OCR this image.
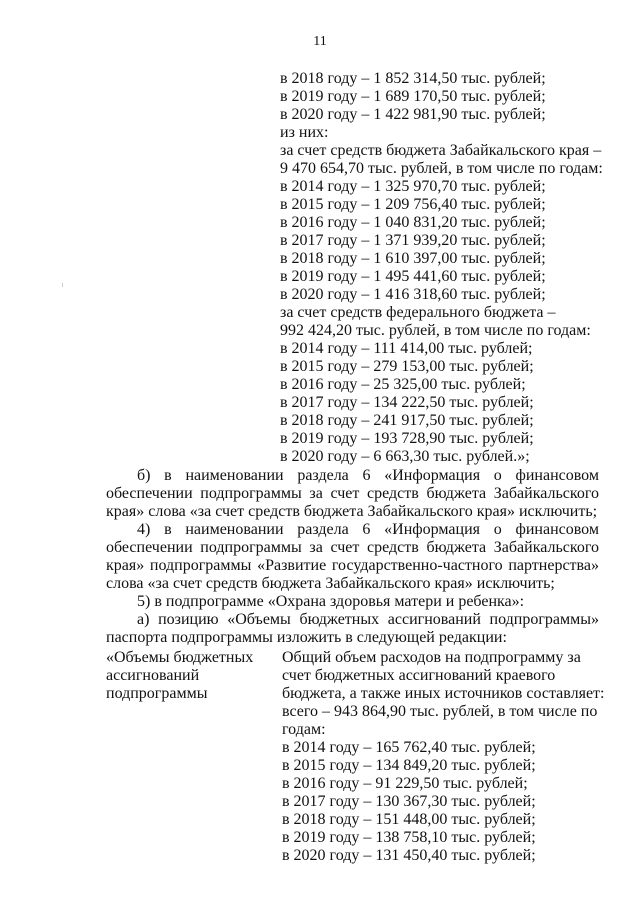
11
в 2018 году – 1 852 314,50 тыс. рублей;
в 2019 году – 1 689 170,50 тыс. рублей;
в 2020 году – 1 422 981,90 тыс. рублей;
из них:
за счет средств бюджета Забайкальского края –
9 470 654,70 тыс. рублей, в том числе по годам:
в 2014 году – 1 325 970,70 тыс. рублей;
в 2015 году – 1 209 756,40 тыс. рублей;
в 2016 году – 1 040 831,20 тыс. рублей;
в 2017 году – 1 371 939,20 тыс. рублей;
в 2018 году – 1 610 397,00 тыс. рублей;
в 2019 году – 1 495 441,60 тыс. рублей;
в 2020 году – 1 416 318,60 тыс. рублей;
за счет средств федерального бюджета –
992 424,20 тыс. рублей, в том числе по годам:
в 2014 году – 111 414,00 тыс. рублей;
в 2015 году – 279 153,00 тыс. рублей;
в 2016 году – 25 325,00 тыс. рублей;
в 2017 году – 134 222,50 тыс. рублей;
в 2018 году – 241 917,50 тыс. рублей;
в 2019 году – 193 728,90 тыс. рублей;
в 2020 году – 6 663,30 тыс. рублей.»;
б) в наименовании раздела 6 «Информация о финансовом
обеспечении подпрограммы за счет средств бюджета Забайкальского
края» слова «за счет средств бюджета Забайкальского края» исключить;
4) в наименовании раздела 6 «Информация о финансовом
обеспечении подпрограммы за счет средств бюджета Забайкальского
края» подпрограммы «Развитие государственно-частного партнерства»
слова «за счет средств бюджета Забайкальского края» исключить;
5) в подпрограмме «Охрана здоровья матери и ребенка»:
а) позицию «Объемы бюджетных ассигнований подпрограммы»
паспорта подпрограммы изложить в следующей редакции:
«Объемы бюджетных
ассигнований
подпрограммы
Общий объем расходов на подпрограмму за
счет бюджетных ассигнований краевого
бюджета, а также иных источников составляет:
всего – 943 864,90 тыс. рублей, в том числе по
годам:
в 2014 году – 165 762,40 тыс. рублей;
в 2015 году – 134 849,20 тыс. рублей;
в 2016 году – 91 229,50 тыс. рублей;
в 2017 году – 130 367,30 тыс. рублей;
в 2018 году – 151 448,00 тыс. рублей;
в 2019 году – 138 758,10 тыс. рублей;
в 2020 году – 131 450,40 тыс. рублей;
